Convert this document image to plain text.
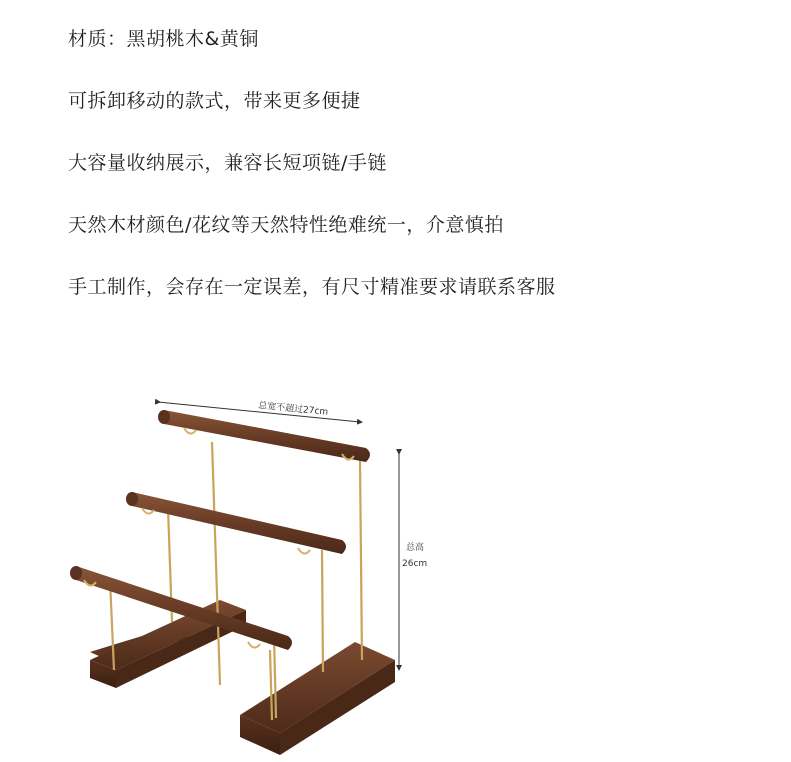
材质：黑胡桃木&黄铜
可拆卸移动的款式，带来更多便捷
大容量收纳展示，兼容长短项链/手链
天然木材颜色/花纹等天然特性绝难统一，介意慎拍
手工制作，会存在一定误差，有尺寸精准要求请联系客服
总宽不超过27cm
总高
26cm
